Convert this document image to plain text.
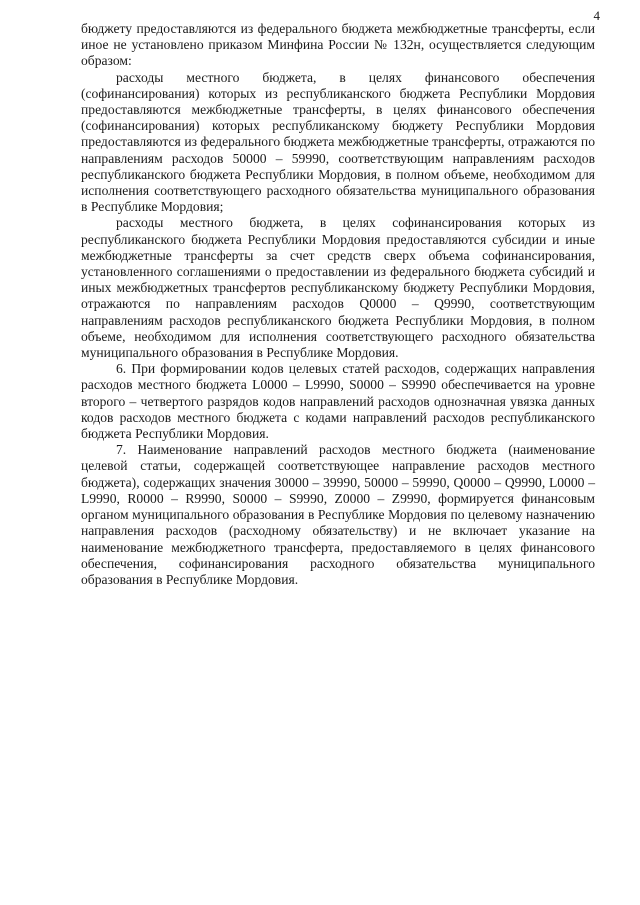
4

бюджету предоставляются из федерального бюджета межбюджетные трансферты, если иное не установлено приказом Минфина России № 132н, осуществляется следующим образом:

расходы местного бюджета, в целях финансового обеспечения (софинансирования) которых из республиканского бюджета Республики Мордовия предоставляются межбюджетные трансферты, в целях финансового обеспечения (софинансирования) которых республиканскому бюджету Республики Мордовия предоставляются из федерального бюджета межбюджетные трансферты, отражаются по направлениям расходов 50000 – 59990, соответствующим направлениям расходов республиканского бюджета Республики Мордовия, в полном объеме, необходимом для исполнения соответствующего расходного обязательства муниципального образования в Республике Мордовия;

расходы местного бюджета, в целях софинансирования которых из республиканского бюджета Республики Мордовия предоставляются субсидии и иные межбюджетные трансферты за счет средств сверх объема софинансирования, установленного соглашениями о предоставлении из федерального бюджета субсидий и иных межбюджетных трансфертов республиканскому бюджету Республики Мордовия, отражаются по направлениям расходов Q0000 – Q9990, соответствующим направлениям расходов республиканского бюджета Республики Мордовия, в полном объеме, необходимом для исполнения соответствующего расходного обязательства муниципального образования в Республике Мордовия.

6. При формировании кодов целевых статей расходов, содержащих направления расходов местного бюджета L0000 – L9990, S0000 – S9990 обеспечивается на уровне второго – четвертого разрядов кодов направлений расходов однозначная увязка данных кодов расходов местного бюджета с кодами направлений расходов республиканского бюджета Республики Мордовия.

7. Наименование направлений расходов местного бюджета (наименование целевой статьи, содержащей соответствующее направление расходов местного бюджета), содержащих значения 30000 – 39990, 50000 – 59990, Q0000 – Q9990, L0000 – L9990, R0000 – R9990, S0000 – S9990, Z0000 – Z9990, формируется финансовым органом муниципального образования в Республике Мордовия по целевому назначению направления расходов (расходному обязательству) и не включает указание на наименование межбюджетного трансферта, предоставляемого в целях финансового обеспечения, софинансирования расходного обязательства муниципального образования в Республике Мордовия.
